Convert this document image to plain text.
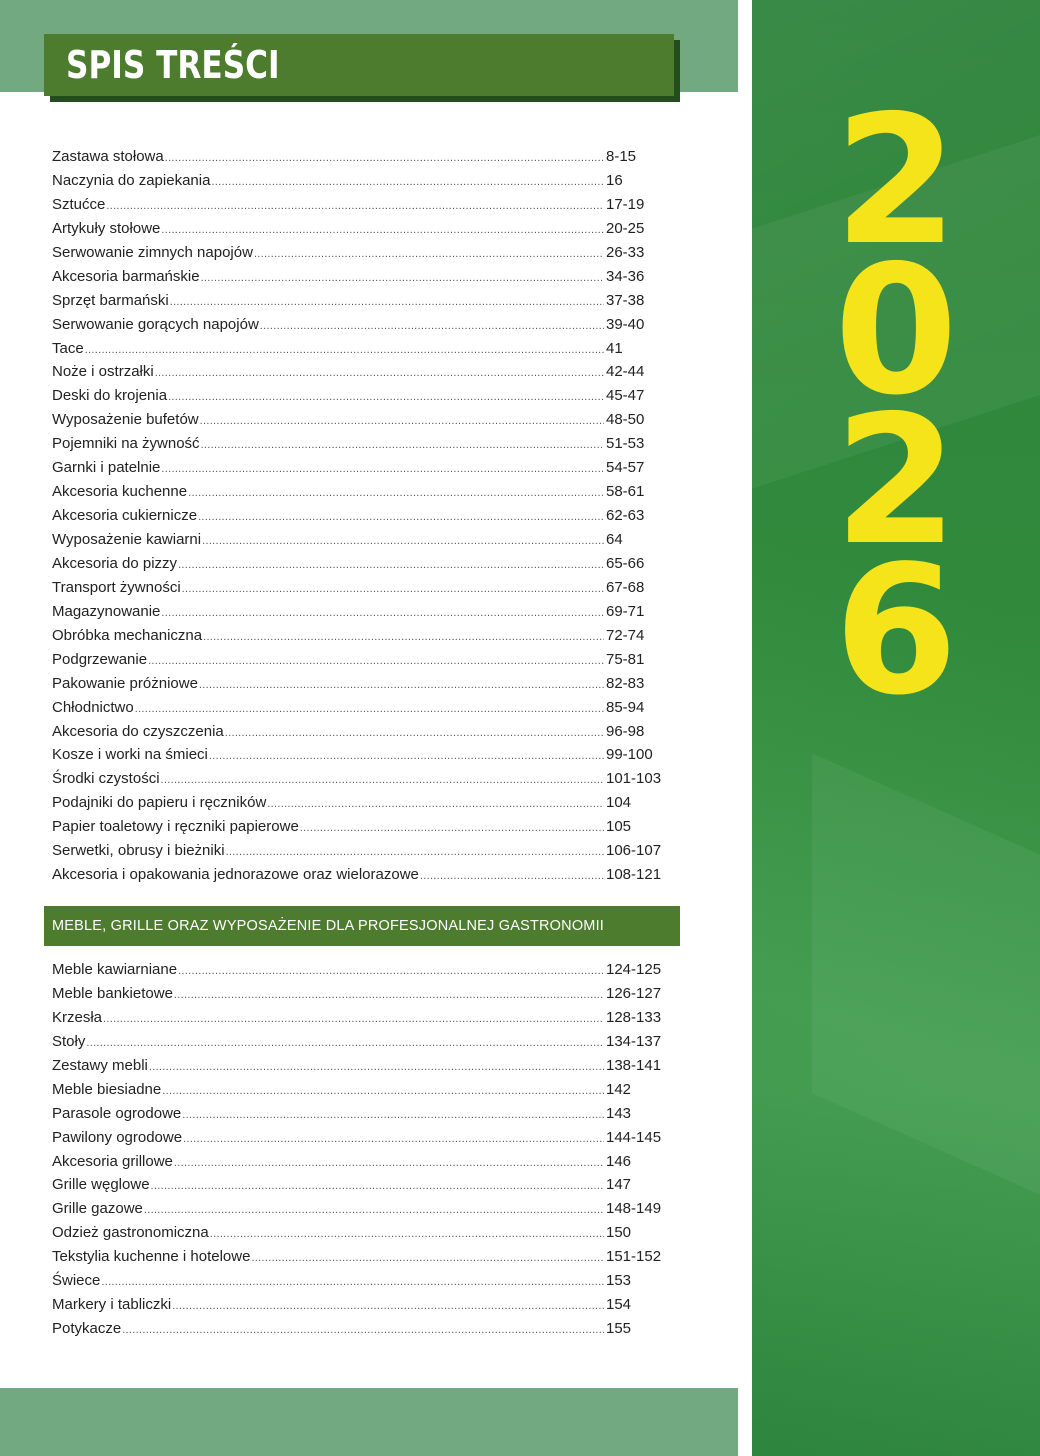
2
0
2
6
SPIS TREŚCI
Zastawa stołowa .....	8-15
Naczynia do zapiekania .....	16
Sztućce .....	17-19
Artykuły stołowe .....	20-25
Serwowanie zimnych napojów .....	26-33
Akcesoria barmańskie .....	34-36
Sprzęt barmański .....	37-38
Serwowanie gorących napojów .....	39-40
Tace .....	41
Noże i ostrzałki .....	42-44
Deski do krojenia .....	45-47
Wyposażenie bufetów .....	48-50
Pojemniki na żywność .....	51-53
Garnki i patelnie .....	54-57
Akcesoria kuchenne .....	58-61
Akcesoria cukiernicze .....	62-63
Wyposażenie kawiarni .....	64
Akcesoria do pizzy .....	65-66
Transport żywności .....	67-68
Magazynowanie .....	69-71
Obróbka mechaniczna .....	72-74
Podgrzewanie .....	75-81
Pakowanie próżniowe .....	82-83
Chłodnictwo .....	85-94
Akcesoria do czyszczenia .....	96-98
Kosze i worki na śmieci .....	99-100
Środki czystości .....	101-103
Podajniki do papieru i ręczników .....	104
Papier toaletowy i ręczniki papierowe .....	105
Serwetki, obrusy i bieżniki .....	106-107
Akcesoria i opakowania jednorazowe oraz wielorazowe .....	108-121
MEBLE, GRILLE ORAZ WYPOSAŻENIE DLA PROFESJONALNEJ GASTRONOMII
Meble kawiarniane .....	124-125
Meble bankietowe .....	126-127
Krzesła .....	128-133
Stoły .....	134-137
Zestawy mebli .....	138-141
Meble biesiadne .....	142
Parasole ogrodowe .....	143
Pawilony ogrodowe .....	144-145
Akcesoria grillowe .....	146
Grille węglowe .....	147
Grille gazowe .....	148-149
Odzież gastronomiczna .....	150
Tekstylia kuchenne i hotelowe .....	151-152
Świece .....	153
Markery i tabliczki .....	154
Potykacze .....	155
